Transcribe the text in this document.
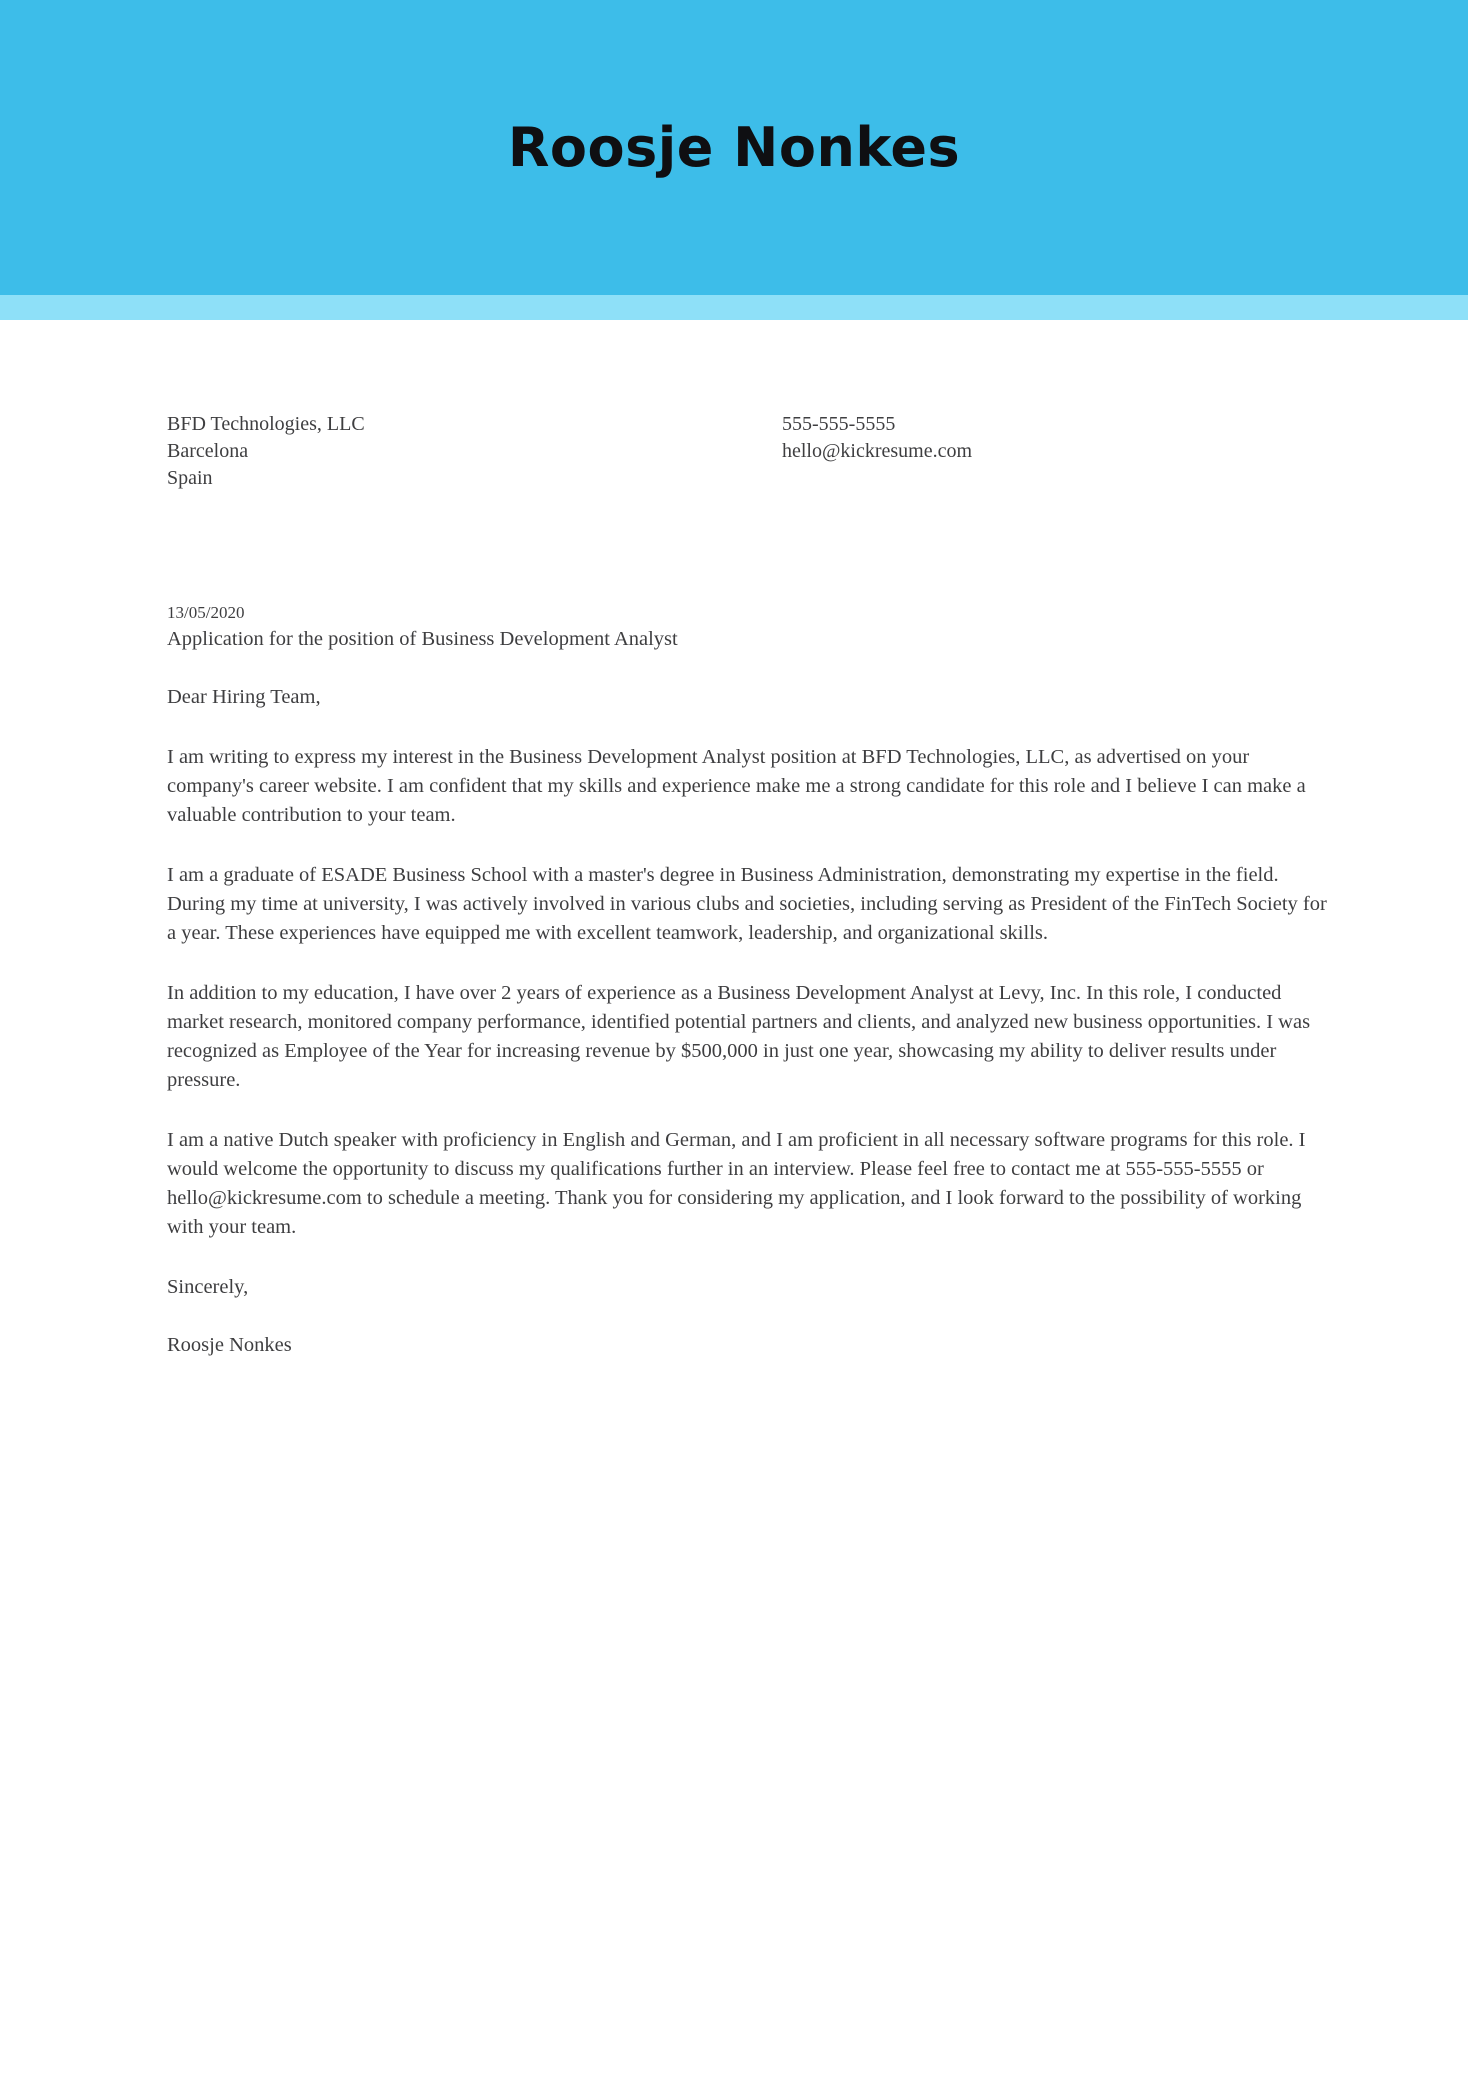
Roosje Nonkes
BFD Technologies, LLC
Barcelona
Spain
555-555-5555
hello@kickresume.com
13/05/2020
Application for the position of Business Development Analyst

Dear Hiring Team,

I am writing to express my interest in the Business Development Analyst position at BFD Technologies, LLC, as advertised on your company's career website. I am confident that my skills and experience make me a strong candidate for this role and I believe I can make a valuable contribution to your team.

I am a graduate of ESADE Business School with a master's degree in Business Administration, demonstrating my expertise in the field. During my time at university, I was actively involved in various clubs and societies, including serving as President of the FinTech Society for a year. These experiences have equipped me with excellent teamwork, leadership, and organizational skills.

In addition to my education, I have over 2 years of experience as a Business Development Analyst at Levy, Inc. In this role, I conducted market research, monitored company performance, identified potential partners and clients, and analyzed new business opportunities. I was recognized as Employee of the Year for increasing revenue by $500,000 in just one year, showcasing my ability to deliver results under pressure.

I am a native Dutch speaker with proficiency in English and German, and I am proficient in all necessary software programs for this role. I would welcome the opportunity to discuss my qualifications further in an interview. Please feel free to contact me at 555-555-5555 or hello@kickresume.com to schedule a meeting. Thank you for considering my application, and I look forward to the possibility of working with your team.

Sincerely,

Roosje Nonkes
